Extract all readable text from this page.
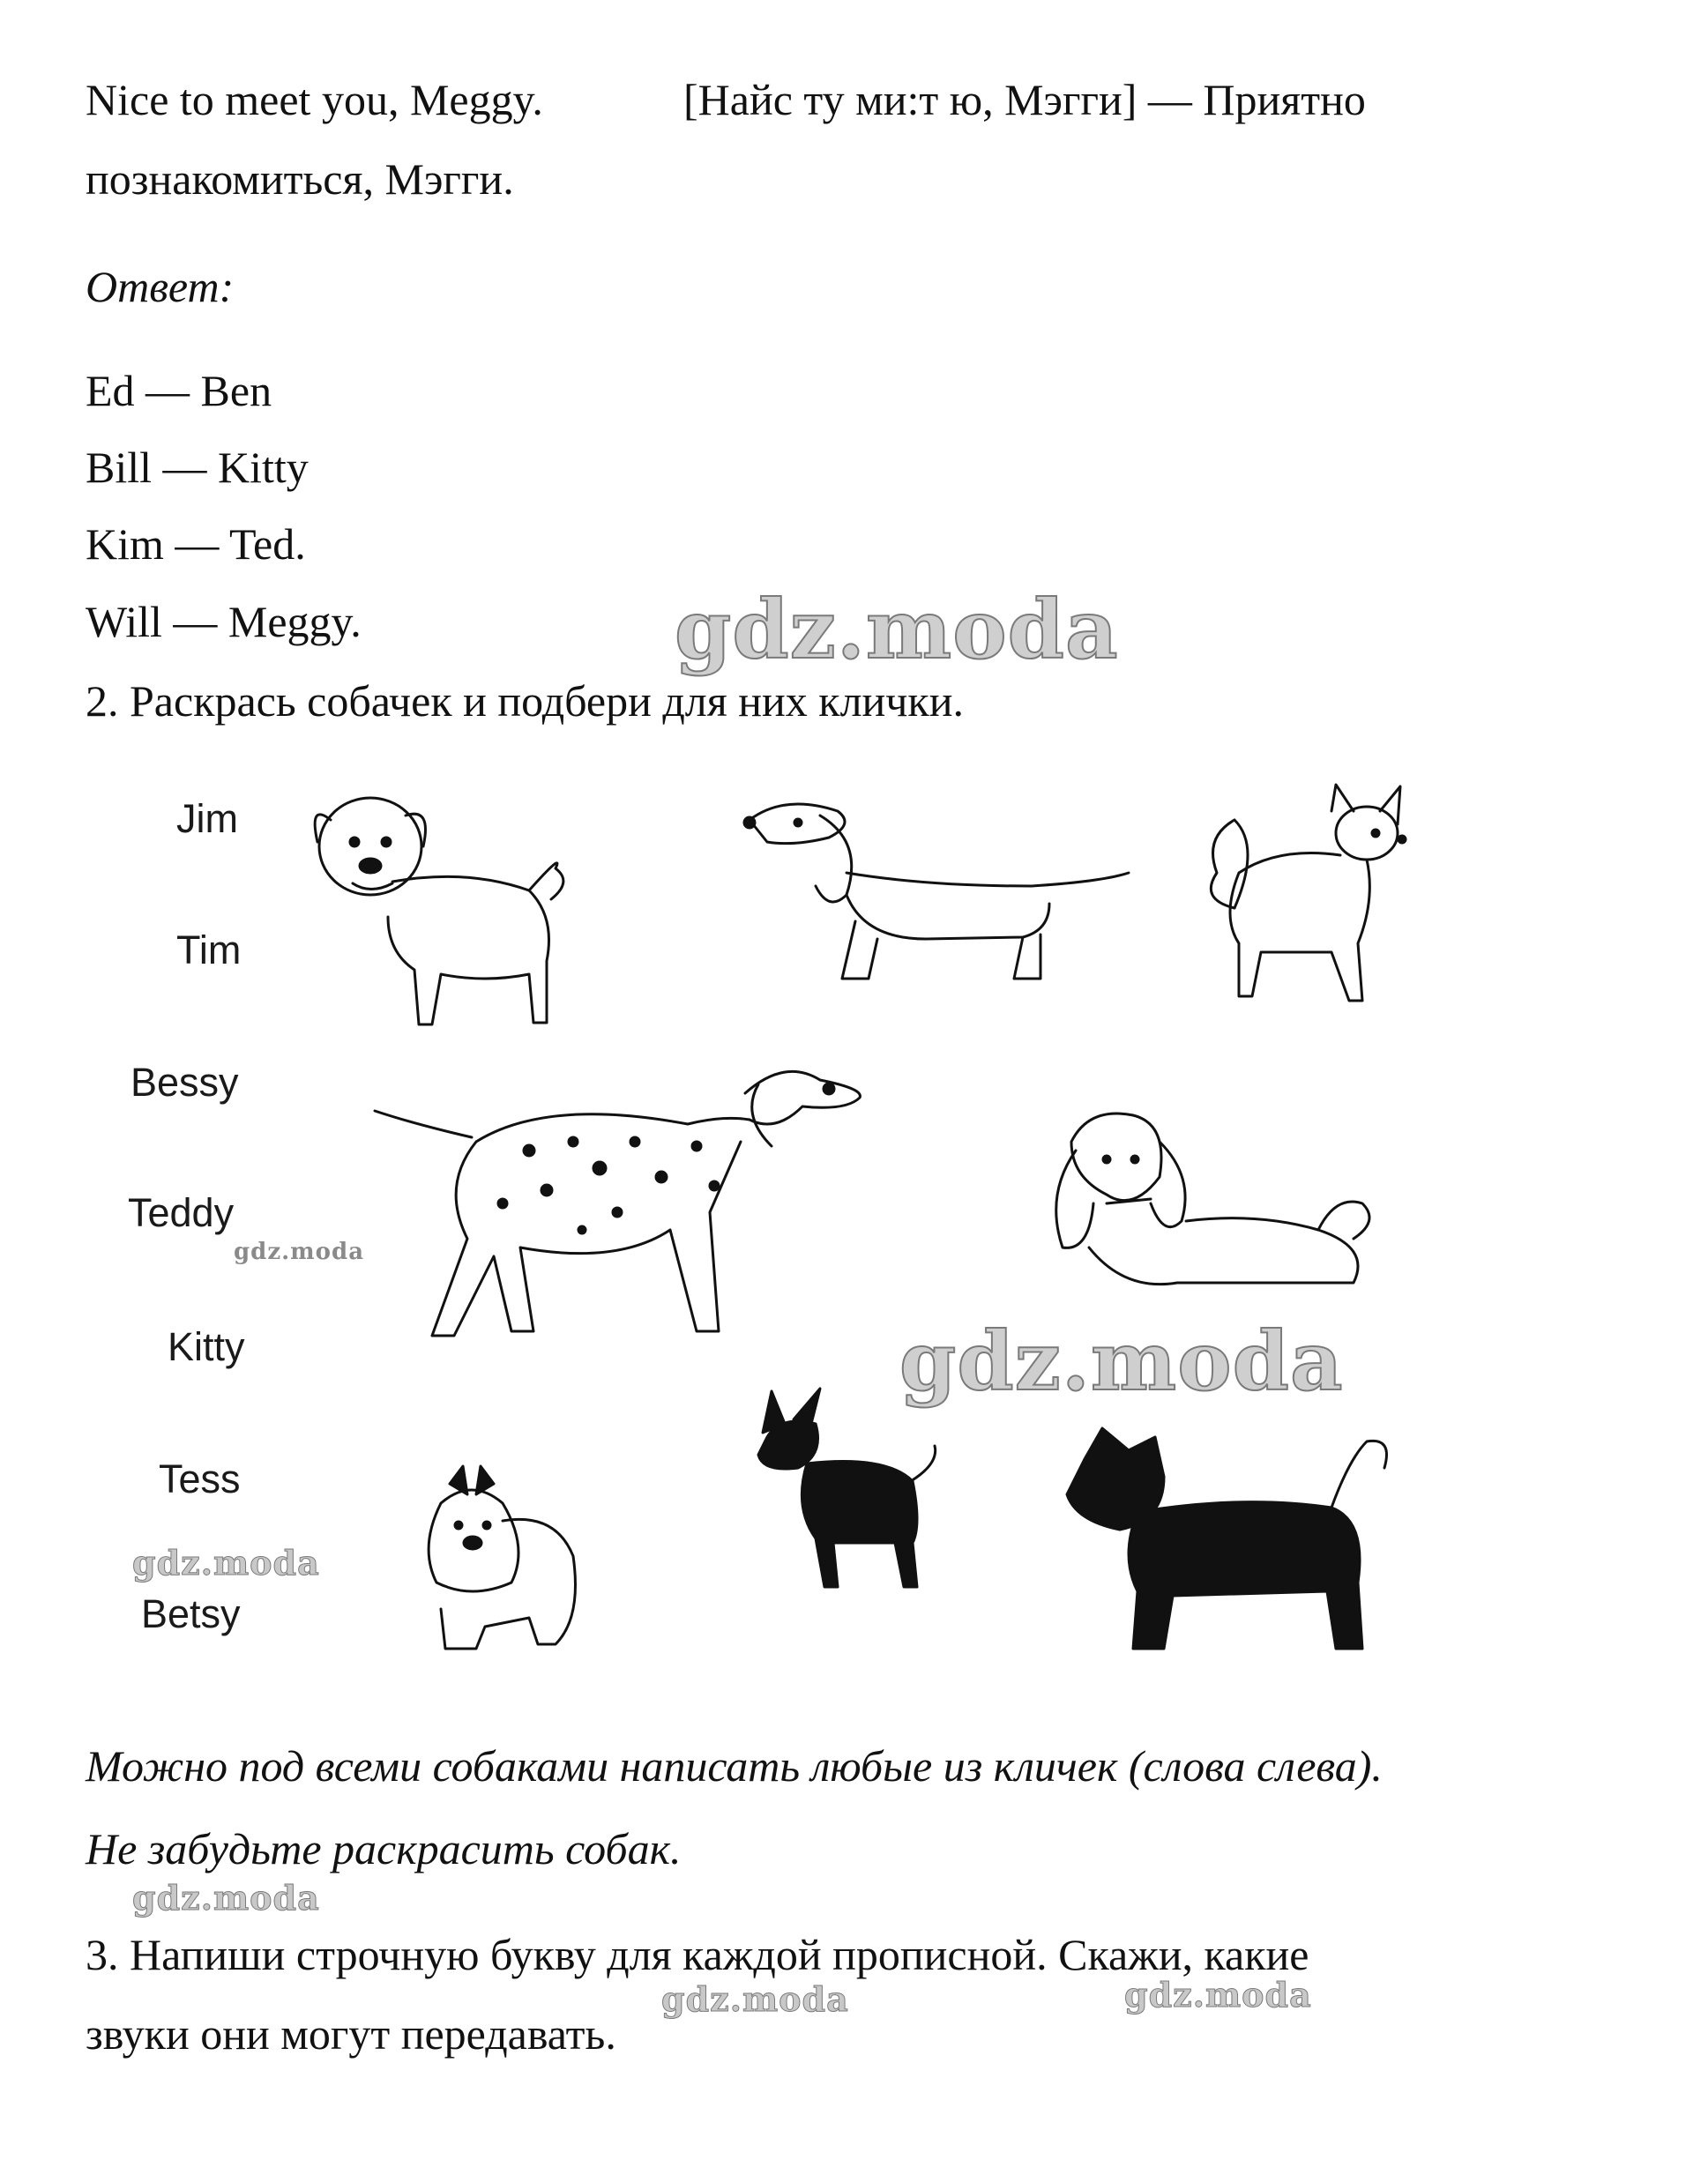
Nice to meet you, Meggy.	[Найс ту ми:т ю, Мэгги] — Приятно
познакомиться, Мэгги.
Ответ:
Ed — Ben
Bill — Kitty
Kim — Ted.
Will — Meggy.
2. Раскрась собачек и подбери для них клички.
Jim
Tim
Bessy
Teddy
Kitty
Tess
Betsy
Можно под всеми собаками написать любые из кличек (слова слева).
Не забудьте раскрасить собак.
3. Напиши строчную букву для каждой прописной. Скажи, какие
звуки они могут передавать.
gdz.moda
gdz.moda
gdz.moda
gdz.moda
gdz.moda
gdz.moda	gdz.moda
